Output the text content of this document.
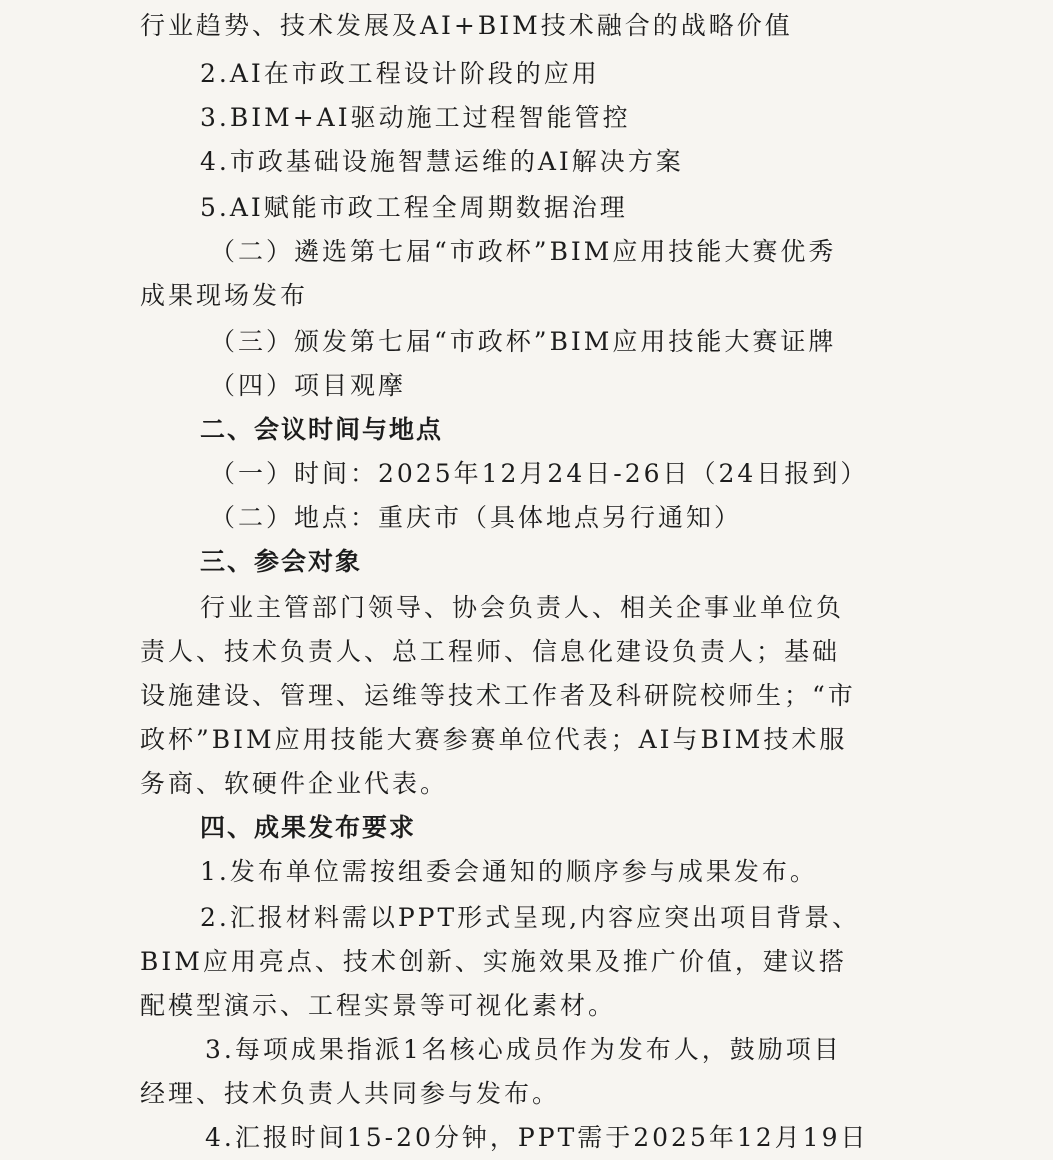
行业趋势、技术发展及AI+BIM技术融合的战略价值
2.AI在市政工程设计阶段的应用
3.BIM+AI驱动施工过程智能管控
4.市政基础设施智慧运维的AI解决方案
5.AI赋能市政工程全周期数据治理
（二）遴选第七届“市政杯”BIM应用技能大赛优秀
成果现场发布
（三）颁发第七届“市政杯”BIM应用技能大赛证牌
（四）项目观摩
二、会议时间与地点
（一）时间：2025年12月24日-26日（24日报到）
（二）地点：重庆市（具体地点另行通知）
三、参会对象
行业主管部门领导、协会负责人、相关企事业单位负
责人、技术负责人、总工程师、信息化建设负责人；基础
设施建设、管理、运维等技术工作者及科研院校师生；“市
政杯”BIM应用技能大赛参赛单位代表；AI与BIM技术服
务商、软硬件企业代表。
四、成果发布要求
1.发布单位需按组委会通知的顺序参与成果发布。
2.汇报材料需以PPT形式呈现,内容应突出项目背景、
BIM应用亮点、技术创新、实施效果及推广价值，建议搭
配模型演示、工程实景等可视化素材。
3.每项成果指派1名核心成员作为发布人，鼓励项目
经理、技术负责人共同参与发布。
4.汇报时间15-20分钟，PPT需于2025年12月19日
